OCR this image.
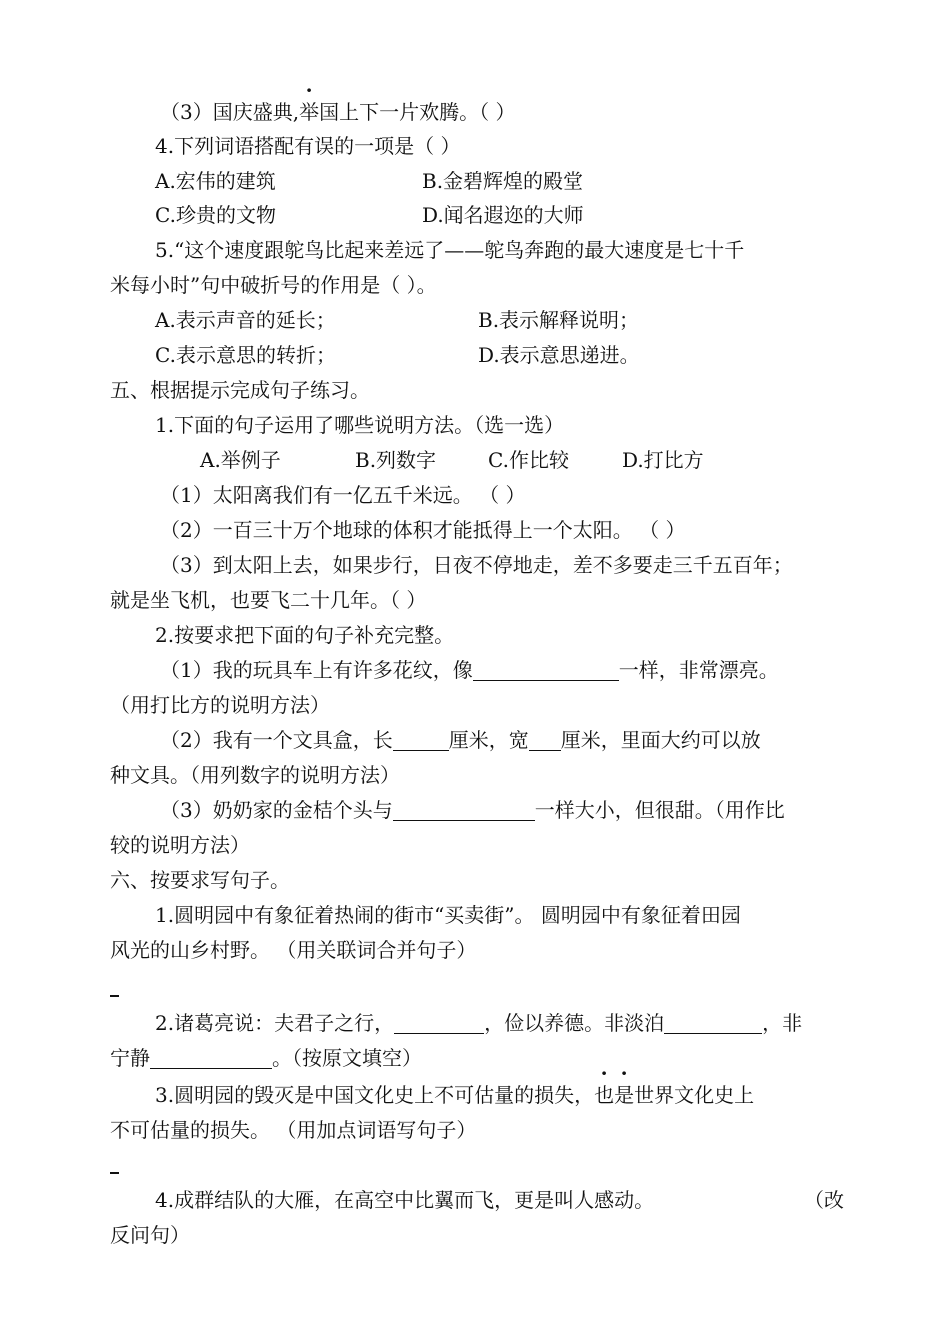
（3）国庆盛典,举国上下一片欢腾。（ ）
4.下列词语搭配有误的一项是（ ）
A.宏伟的建筑	B.金碧辉煌的殿堂
C.珍贵的文物	D.闻名遐迩的大师
5.“这个速度跟鸵鸟比起来差远了——鸵鸟奔跑的最大速度是七十千
米每小时”句中破折号的作用是（ ）。
A.表示声音的延长；	B.表示解释说明；
C.表示意思的转折；	D.表示意思递进。
五、根据提示完成句子练习。
1.下面的句子运用了哪些说明方法。（选一选）
A.举例子	B.列数字	C.作比较	D.打比方
（1）太阳离我们有一亿五千米远。 （ ）
（2）一百三十万个地球的体积才能抵得上一个太阳。 （ ）
（3）到太阳上去，如果步行，日夜不停地走，差不多要走三千五百年；
就是坐飞机，也要飞二十几年。（ ）
2.按要求把下面的句子补充完整。
（1）我的玩具车上有许多花纹，像	一样，非常漂亮。
（用打比方的说明方法）
（2）我有一个文具盒，长	厘米，宽 厘米，里面大约可以放
种文具。（用列数字的说明方法）
（3）奶奶家的金桔个头与	一样大小，但很甜。（用作比
较的说明方法）
六、按要求写句子。
1.圆明园中有象征着热闹的街市“买卖街”。 圆明园中有象征着田园
风光的山乡村野。 （用关联词合并句子）
2.诸葛亮说：夫君子之行，	，俭以养德。非淡泊	，非
宁静	。（按原文填空）
3.圆明园的毁灭是中国文化史上不可估量的损失，也是世界文化史上
不可估量的损失。 （用加点词语写句子）
4.成群结队的大雁，在高空中比翼而飞，更是叫人感动。	（改
反问句）
